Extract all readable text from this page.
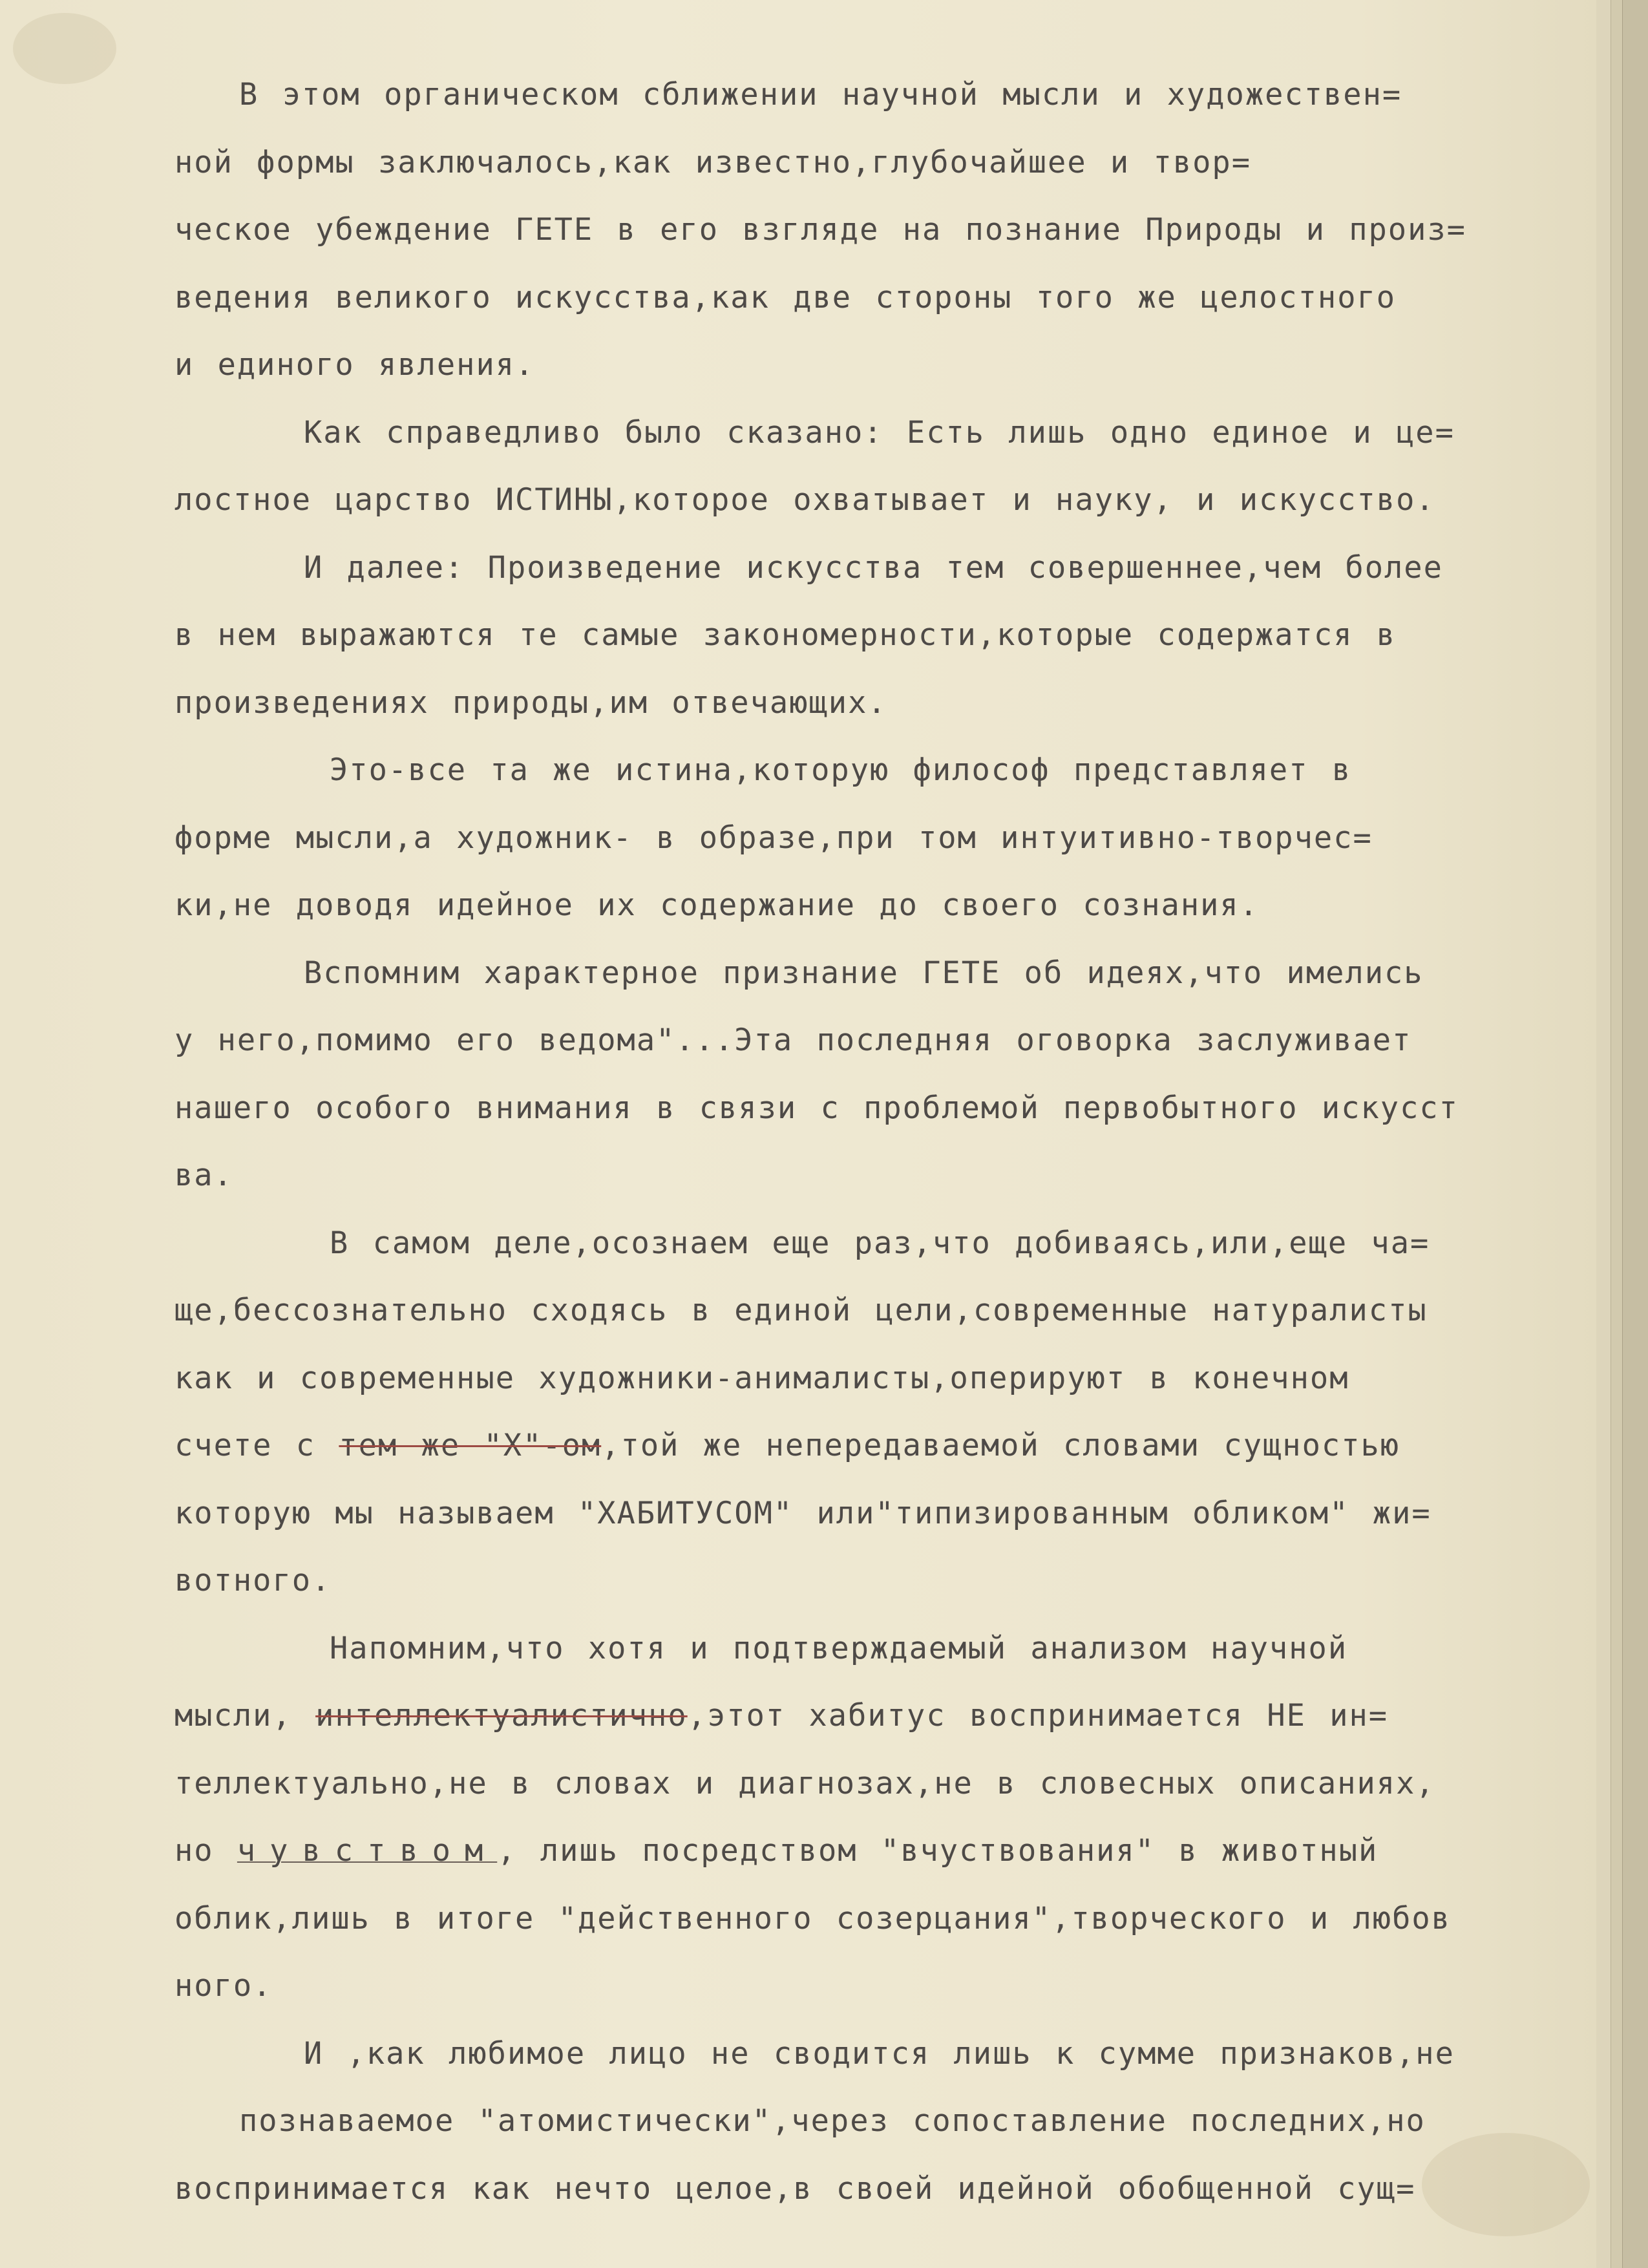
В этом органическом сближении научной мысли и художествен=
ной формы заключалось,как известно,глубочайшее и твор=
ческое убеждение ГЕТЕ в его взгляде на познание Природы и произ=
ведения великого искусства,как две стороны того же целостного
и единого явления.
Как справедливо было сказано: Есть лишь одно единое и це=
лостное царство ИСТИНЫ,которое охватывает и науку, и искусство.
И далее: Произведение искусства тем совершеннее,чем более
в нем выражаются те самые закономерности,которые содержатся в
произведениях природы,им отвечающих.
Это-все та же истина,которую философ представляет в
форме мысли,а художник- в образе,при том интуитивно-творчес=
ки,не доводя идейное их содержание до своего сознания.
Вспомним характерное признание ГЕТЕ об идеях,что имелись
у него,помимо его ведома"...Эта последняя оговорка заслуживает
нашего особого внимания в связи с проблемой первобытного искусст
ва.
В самом деле,осознаем еще раз,что добиваясь,или,еще ча=
ще,бессознательно сходясь в единой цели,современные натуралисты
как и современные художники-анималисты,оперируют в конечном
счете с тем же "Х"-ом,той же непередаваемой словами сущностью
которую мы называем "ХАБИТУСОМ" или"типизированным обликом" жи=
вотного.
Напомним,что хотя и подтверждаемый анализом научной
мысли, интеллектуалистично,этот хабитус воспринимается НЕ ин=
теллектуально,не в словах и диагнозах,не в словесных описаниях,
но чувством, лишь посредством "вчуствования" в животный
облик,лишь в итоге "действенного созерцания",творческого и любов
ного.
И ,как любимое лицо не сводится лишь к сумме признаков,не
познаваемое "атомистически",через сопоставление последних,но
воспринимается как нечто целое,в своей идейной обобщенной сущ=
